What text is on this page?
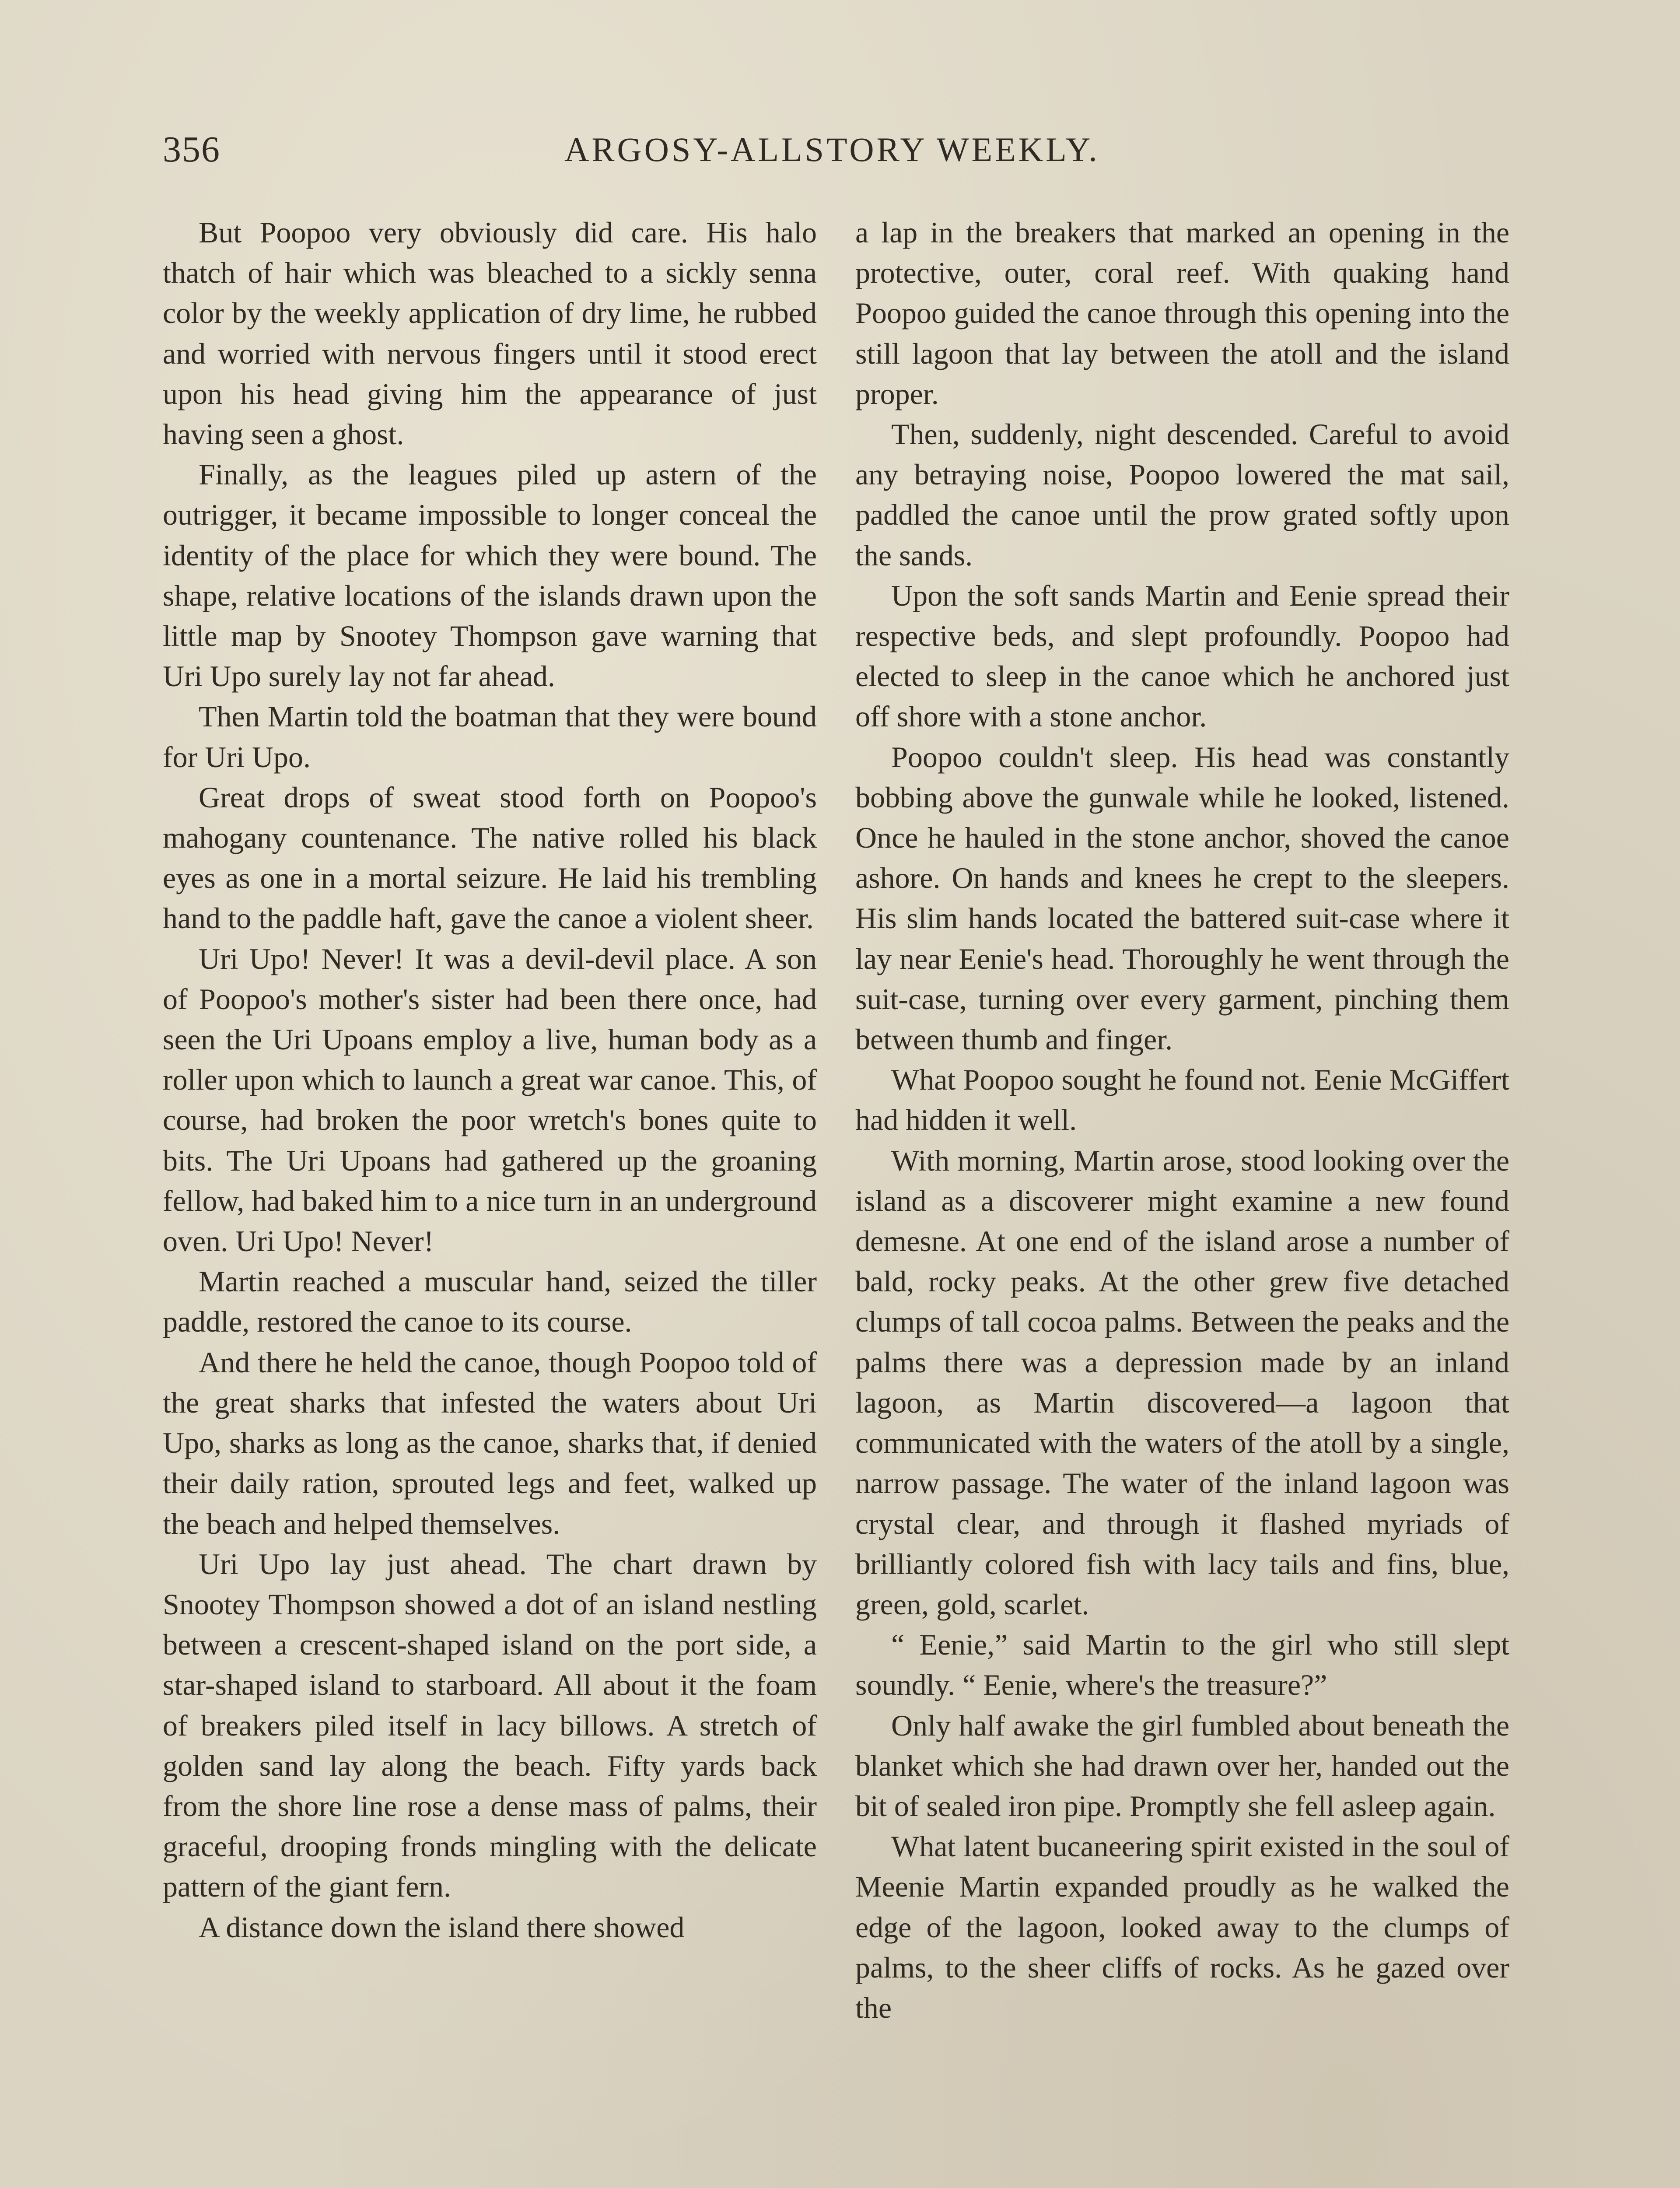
356	ARGOSY-ALLSTORY WEEKLY.

But Poopoo very obviously did care. His halo thatch of hair which was bleached to a sickly senna color by the weekly application of dry lime, he rubbed and worried with nervous fingers until it stood erect upon his head giving him the appearance of just having seen a ghost.

Finally, as the leagues piled up astern of the outrigger, it became impossible to longer conceal the identity of the place for which they were bound. The shape, relative locations of the islands drawn upon the little map by Snootey Thompson gave warning that Uri Upo surely lay not far ahead.

Then Martin told the boatman that they were bound for Uri Upo.

Great drops of sweat stood forth on Poopoo's mahogany countenance. The native rolled his black eyes as one in a mortal seizure. He laid his trembling hand to the paddle haft, gave the canoe a violent sheer.

Uri Upo! Never! It was a devil-devil place. A son of Poopoo's mother's sister had been there once, had seen the Uri Upoans employ a live, human body as a roller upon which to launch a great war canoe. This, of course, had broken the poor wretch's bones quite to bits. The Uri Upoans had gathered up the groaning fellow, had baked him to a nice turn in an underground oven. Uri Upo! Never!

Martin reached a muscular hand, seized the tiller paddle, restored the canoe to its course.

And there he held the canoe, though Poopoo told of the great sharks that infested the waters about Uri Upo, sharks as long as the canoe, sharks that, if denied their daily ration, sprouted legs and feet, walked up the beach and helped themselves.

Uri Upo lay just ahead. The chart drawn by Snootey Thompson showed a dot of an island nestling between a crescent-shaped island on the port side, a star-shaped island to starboard. All about it the foam of breakers piled itself in lacy billows. A stretch of golden sand lay along the beach. Fifty yards back from the shore line rose a dense mass of palms, their graceful, drooping fronds mingling with the delicate pattern of the giant fern.

A distance down the island there showed

a lap in the breakers that marked an opening in the protective, outer, coral reef. With quaking hand Poopoo guided the canoe through this opening into the still lagoon that lay between the atoll and the island proper.

Then, suddenly, night descended. Careful to avoid any betraying noise, Poopoo lowered the mat sail, paddled the canoe until the prow grated softly upon the sands.

Upon the soft sands Martin and Eenie spread their respective beds, and slept profoundly. Poopoo had elected to sleep in the canoe which he anchored just off shore with a stone anchor.

Poopoo couldn't sleep. His head was constantly bobbing above the gunwale while he looked, listened. Once he hauled in the stone anchor, shoved the canoe ashore. On hands and knees he crept to the sleepers. His slim hands located the battered suit-case where it lay near Eenie's head. Thoroughly he went through the suit-case, turning over every garment, pinching them between thumb and finger.

What Poopoo sought he found not. Eenie McGiffert had hidden it well.

With morning, Martin arose, stood looking over the island as a discoverer might examine a new found demesne. At one end of the island arose a number of bald, rocky peaks. At the other grew five detached clumps of tall cocoa palms. Between the peaks and the palms there was a depression made by an inland lagoon, as Martin discovered—a lagoon that communicated with the waters of the atoll by a single, narrow passage. The water of the inland lagoon was crystal clear, and through it flashed myriads of brilliantly colored fish with lacy tails and fins, blue, green, gold, scarlet.

“ Eenie,” said Martin to the girl who still slept soundly. “ Eenie, where's the treasure?”

Only half awake the girl fumbled about beneath the blanket which she had drawn over her, handed out the bit of sealed iron pipe. Promptly she fell asleep again.

What latent bucaneering spirit existed in the soul of Meenie Martin expanded proudly as he walked the edge of the lagoon, looked away to the clumps of palms, to the sheer cliffs of rocks. As he gazed over the
